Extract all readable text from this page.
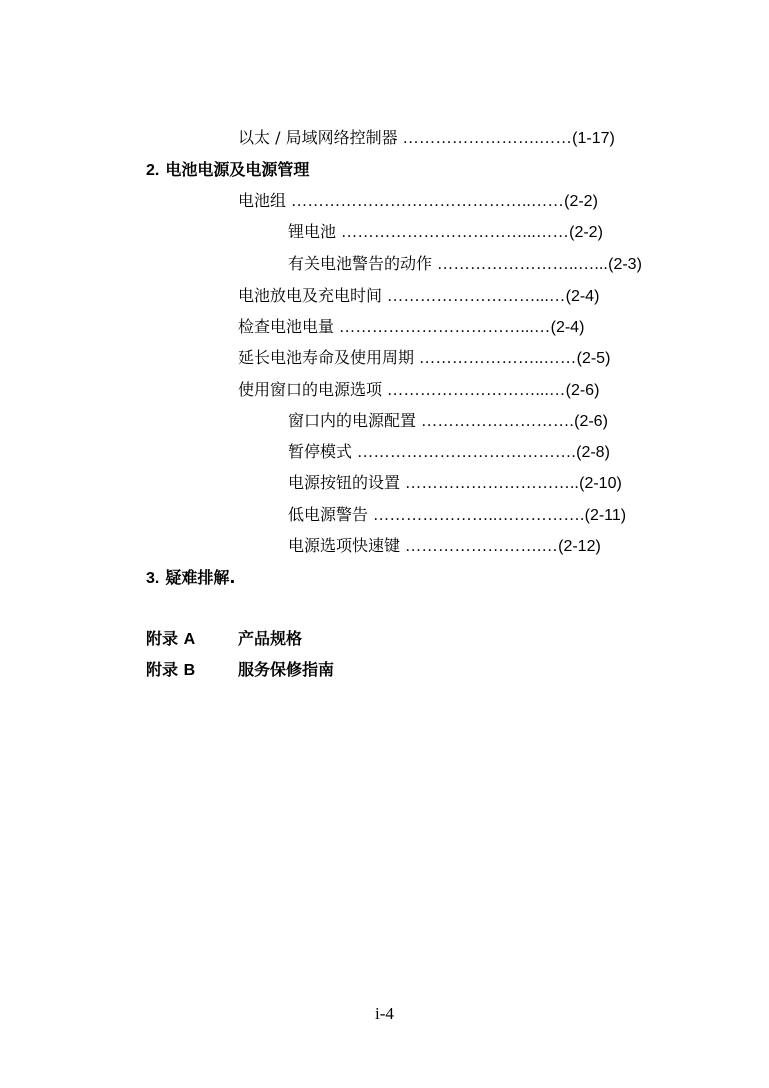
以太 / 局域网络控制器 …………………….……(1-17)
2. 电池电源及电源管理
电池组 ……………………………………..……(2-2)
锂电池 ……………………………...……(2-2)
有关电池警告的动作 ……………………..…...(2-3)
电池放电及充电时间 ………………………...…(2-4)
检查电池电量 ……………………………...…(2-4)
延长电池寿命及使用周期 …………………..……(2-5)
使用窗口的电源选项 ………………………...…(2-6)
窗口内的电源配置 ……………………….(2-6)
暂停模式 ………………………………….(2-8)
电源按钮的设置 …………………………..(2-10)
低电源警告 …………………..…………….(2-11)
电源选项快速键 …………………….…(2-12)
3. 疑难排解.
附录 A	产品规格
附录 B	服务保修指南
i-4
